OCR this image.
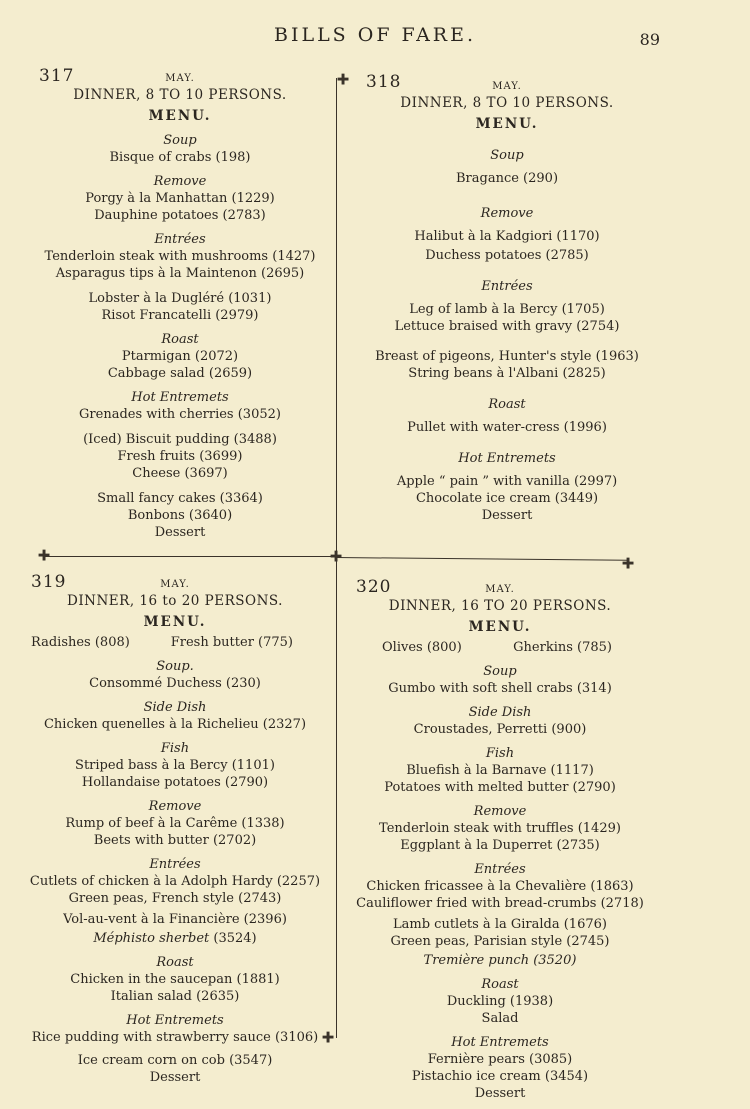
BILLS OF FARE.	89
✚
✚	✚	✚
✚
317	MAY.
DINNER, 8 TO 10 PERSONS.
MENU.
Soup
Bisque of crabs (198)
Remove
Porgy à la Manhattan (1229)
Dauphine potatoes (2783)
Entrées
Tenderloin steak with mushrooms (1427)
Asparagus tips à la Maintenon (2695)
Lobster à la Dugléré (1031)
Risot Francatelli (2979)
Roast
Ptarmigan (2072)
Cabbage salad (2659)
Hot Entremets
Grenades with cherries (3052)
(Iced) Biscuit pudding (3488)
Fresh fruits (3699)
Cheese (3697)
Small fancy cakes (3364)
Bonbons (3640)
Dessert
318	MAY.
DINNER, 8 TO 10 PERSONS.
MENU.
Soup
Bragance (290)
Remove
Halibut à la Kadgiori (1170)
Duchess potatoes (2785)
Entrées
Leg of lamb à la Bercy (1705)
Lettuce braised with gravy (2754)
Breast of pigeons, Hunter's style (1963)
String beans à l'Albani (2825)
Roast
Pullet with water-cress (1996)
Hot Entremets
Apple “ pain ” with vanilla (2997)
Chocolate ice cream (3449)
Dessert
319	MAY.
DINNER, 16 to 20 PERSONS.
MENU.
Radishes (808)	Fresh butter (775)
Soup.
Consommé Duchess (230)
Side Dish
Chicken quenelles à la Richelieu (2327)
Fish
Striped bass à la Bercy (1101)
Hollandaise potatoes (2790)
Remove
Rump of beef à la Carême (1338)
Beets with butter (2702)
Entrées
Cutlets of chicken à la Adolph Hardy (2257)
Green peas, French style (2743)
Vol-au-vent à la Financière (2396)
Méphisto sherbet (3524)
Roast
Chicken in the saucepan (1881)
Italian salad (2635)
Hot Entremets
Rice pudding with strawberry sauce (3106)
Ice cream corn on cob (3547)
Dessert
320	MAY.
DINNER, 16 TO 20 PERSONS.
MENU.
Olives (800)	Gherkins (785)
Soup
Gumbo with soft shell crabs (314)
Side Dish
Croustades, Perretti (900)
Fish
Bluefish à la Barnave (1117)
Potatoes with melted butter (2790)
Remove
Tenderloin steak with truffles (1429)
Eggplant à la Duperret (2735)
Entrées
Chicken fricassee à la Chevalière (1863)
Cauliflower fried with bread-crumbs (2718)
Lamb cutlets à la Giralda (1676)
Green peas, Parisian style (2745)
Tremière punch (3520)
Roast
Duckling (1938)
Salad
Hot Entremets
Fernière pears (3085)
Pistachio ice cream (3454)
Dessert
